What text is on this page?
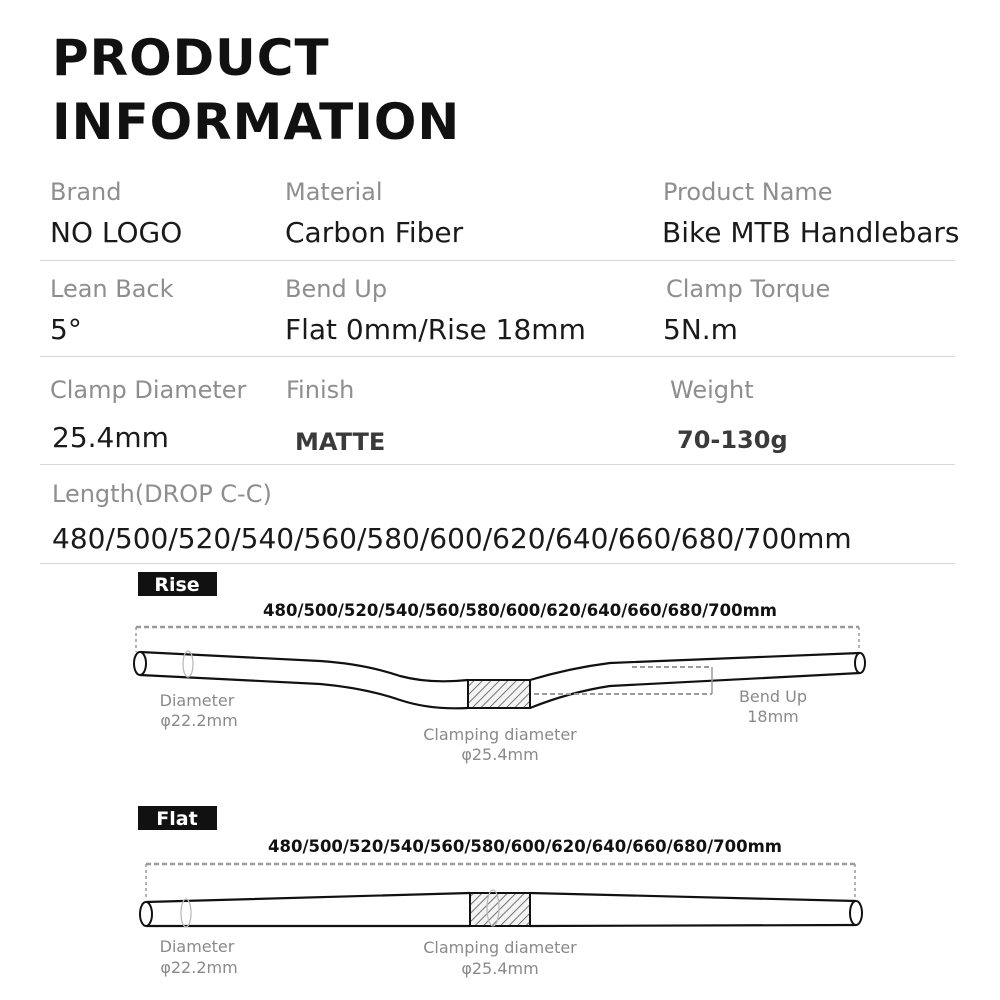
PRODUCT
INFORMATION
Brand
NO LOGO
Material
Carbon Fiber
Product Name
Bike MTB Handlebars
Lean Back
5°
Bend Up
Flat 0mm/Rise 18mm
Clamp Torque
5N.m
Clamp Diameter
25.4mm
Finish
MATTE
Weight
70-130g
Length(DROP C-C)
480/500/520/540/560/580/600/620/640/660/680/700mm
Rise
480/500/520/540/560/580/600/620/640/660/680/700mm
Diameter
φ22.2mm
Clamping diameter
φ25.4mm
Bend Up
18mm
Flat
480/500/520/540/560/580/600/620/640/660/680/700mm
Diameter
φ22.2mm
Clamping diameter
φ25.4mm
